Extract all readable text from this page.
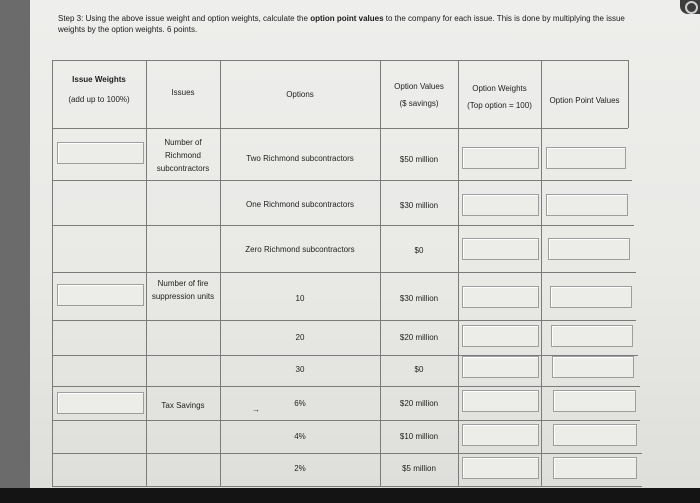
Step 3: Using the above issue weight and option weights, calculate the option point values to the company for each issue. This is done by multiplying the issue weights by the option weights. 6 points.
Issue Weights
(add up to 100%)
Issues	Options
Option Values
($ savings)
Option Weights
(Top option = 100)
Option Point Values
Number of Richmond subcontractors
Number of fire suppression units
Tax Savings
Two Richmond subcontractors
One Richmond subcontractors
Zero Richmond subcontractors
10
20
30
6%
4%
2%
$50 million
$30 million
$0
$30 million
$20 million
$0
$20 million
$10 million
$5 million
→
